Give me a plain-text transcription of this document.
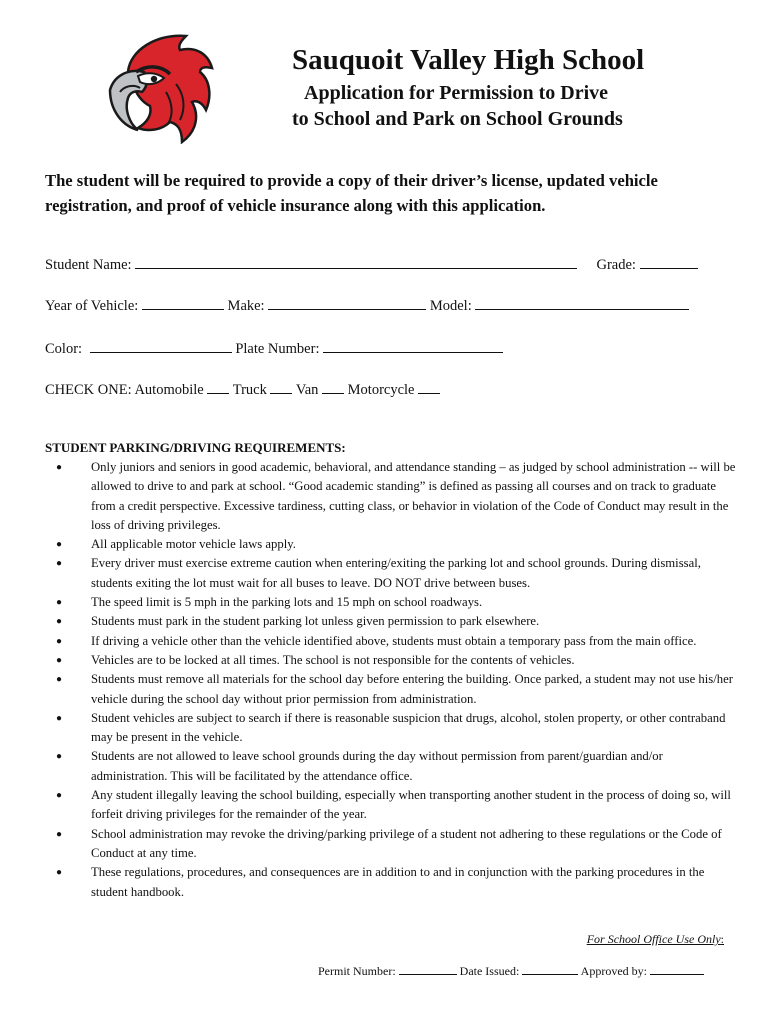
Sauquoit Valley High School
Application for Permission to Drive
to School and Park on School Grounds
The student will be required to provide a copy of their driver’s license, updated vehicle registration, and proof of vehicle insurance along with this application.
Student Name:	Grade:
Year of Vehicle:	Make:	Model:
Color:	Plate Number:
CHECK ONE: Automobile Truck Van Motorcycle
STUDENT PARKING/DRIVING REQUIREMENTS:
● Only juniors and seniors in good academic, behavioral, and attendance standing – as judged by school administration -- will be allowed to drive to and park at school. “Good academic standing” is defined as passing all courses and on track to graduate from a credit perspective. Excessive tardiness, cutting class, or behavior in violation of the Code of Conduct may result in the loss of driving privileges.
● All applicable motor vehicle laws apply.
● Every driver must exercise extreme caution when entering/exiting the parking lot and school grounds. During dismissal, students exiting the lot must wait for all buses to leave. DO NOT drive between buses.
● The speed limit is 5 mph in the parking lots and 15 mph on school roadways.
● Students must park in the student parking lot unless given permission to park elsewhere.
● If driving a vehicle other than the vehicle identified above, students must obtain a temporary pass from the main office.
● Vehicles are to be locked at all times. The school is not responsible for the contents of vehicles.
● Students must remove all materials for the school day before entering the building. Once parked, a student may not use his/her vehicle during the school day without prior permission from administration.
● Student vehicles are subject to search if there is reasonable suspicion that drugs, alcohol, stolen property, or other contraband may be present in the vehicle.
● Students are not allowed to leave school grounds during the day without permission from parent/guardian and/or administration. This will be facilitated by the attendance office.
● Any student illegally leaving the school building, especially when transporting another student in the process of doing so, will forfeit driving privileges for the remainder of the year.
● School administration may revoke the driving/parking privilege of a student not adhering to these regulations or the Code of Conduct at any time.
● These regulations, procedures, and consequences are in addition to and in conjunction with the parking procedures in the student handbook.
For School Office Use Only:
Permit Number:	Date Issued:	Approved by:
